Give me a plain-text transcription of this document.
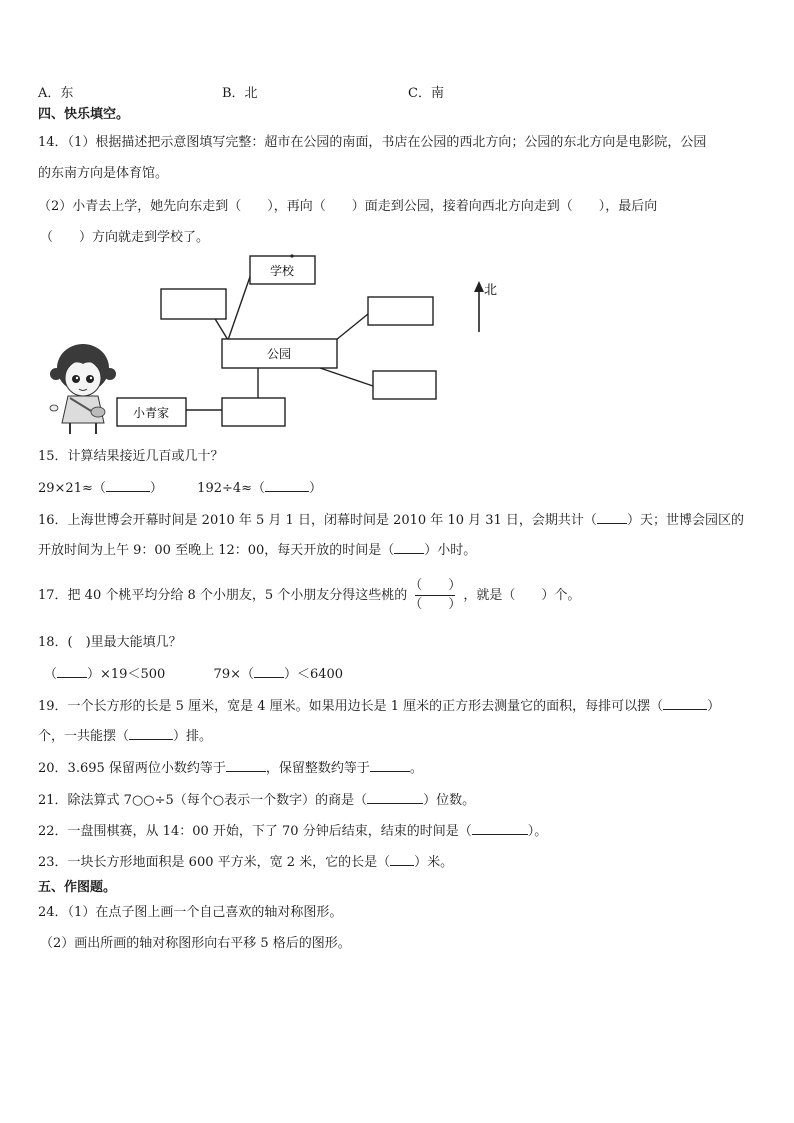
A．东	B．北	C．南
四、快乐填空。
14．（1）根据描述把示意图填写完整：超市在公园的南面，书店在公园的西北方向；公园的东北方向是电影院，公园
的东南方向是体育馆。
（2）小青去上学，她先向东走到（　　），再向（　　）面走到公园，接着向西北方向走到（　　），最后向
（　　）方向就走到学校了。
学校
公园
小青家
北
15．计算结果接近几百或几十？
29×21≈（	）	192÷4≈（	）
16．上海世博会开幕时间是 2010 年 5 月 1 日，闭幕时间是 2010 年 10 月 31 日，会期共计（ ）天；世博会园区的
开放时间为上午 9：00 至晚上 12：00，每天开放的时间是（ ）小时。
17．把 40 个桃平均分给 8 个小朋友，5 个小朋友分得这些桃的 $\frac{( )}{( )}$ ，就是（　　）个。
18．(　)里最大能填几？
（ ）×19＜500	79×（ ）＜6400
19．一个长方形的长是 5 厘米，宽是 4 厘米。如果用边长是 1 厘米的正方形去测量它的面积，每排可以摆（	）
个，一共能摆（	）排。
20．3.695 保留两位小数约等于	，保留整数约等于	。
21．除法算式 7○○÷5（每个○表示一个数字）的商是（	）位数。
22．一盘围棋赛，从 14：00 开始，下了 70 分钟后结束，结束的时间是（	）。
23．一块长方形地面积是 600 平方米，宽 2 米，它的长是（ ）米。
五、作图题。
24．（1）在点子图上画一个自己喜欢的轴对称图形。
（2）画出所画的轴对称图形向右平移 5 格后的图形。
